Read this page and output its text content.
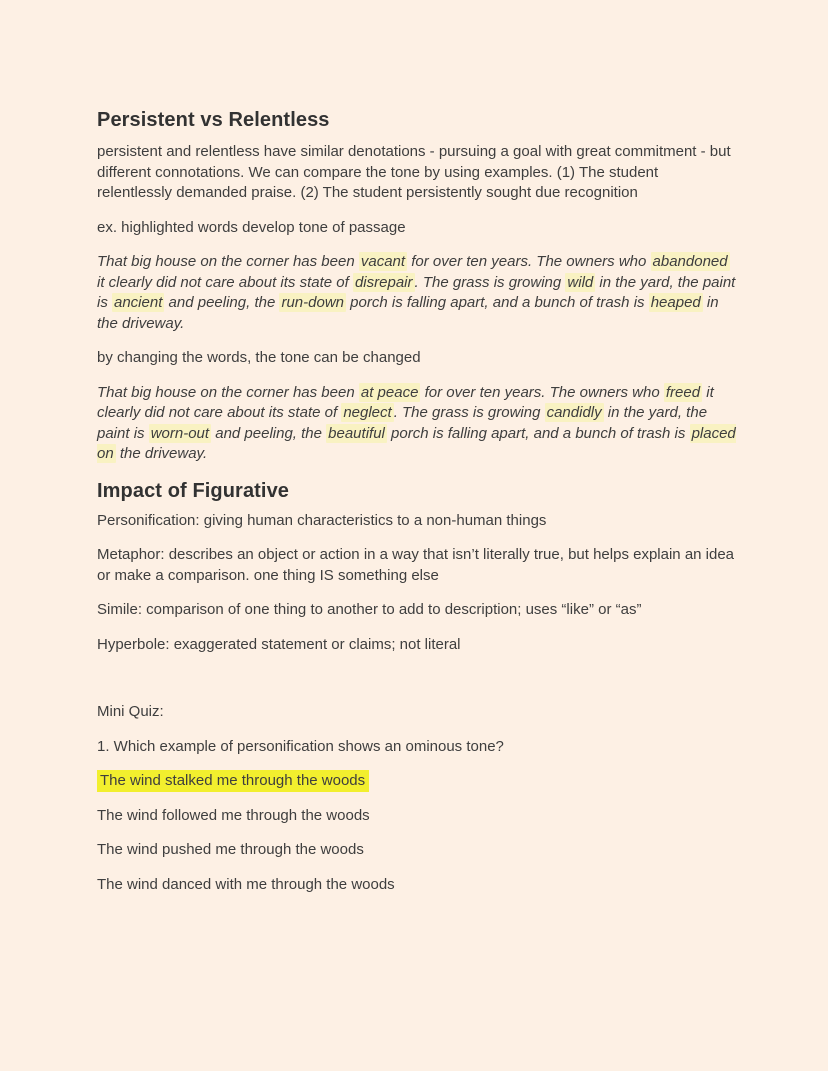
Persistent vs Relentless

persistent and relentless have similar denotations - pursuing a goal with great commitment - but different connotations. We can compare the tone by using examples. (1) The student relentlessly demanded praise. (2) The student persistently sought due recognition

ex. highlighted words develop tone of passage

That big house on the corner has been vacant for over ten years. The owners who abandoned it clearly did not care about its state of disrepair . The grass is growing wild in the yard, the paint is ancient and peeling, the run-down porch is falling apart, and a bunch of trash is heaped in the driveway.

by changing the words, the tone can be changed

That big house on the corner has been at peace for over ten years. The owners who freed it clearly did not care about its state of neglect . The grass is growing candidly in the yard, the paint is worn-out and peeling, the beautiful porch is falling apart, and a bunch of trash is placed on the driveway.

Impact of Figurative

Personification: giving human characteristics to a non-human things

Metaphor: describes an object or action in a way that isn’t literally true, but helps explain an idea or make a comparison. one thing IS something else

Simile: comparison of one thing to another to add to description; uses “like” or “as”

Hyperbole: exaggerated statement or claims; not literal

Mini Quiz:

1. Which example of personification shows an ominous tone?

The wind stalked me through the woods

The wind followed me through the woods

The wind pushed me through the woods

The wind danced with me through the woods
